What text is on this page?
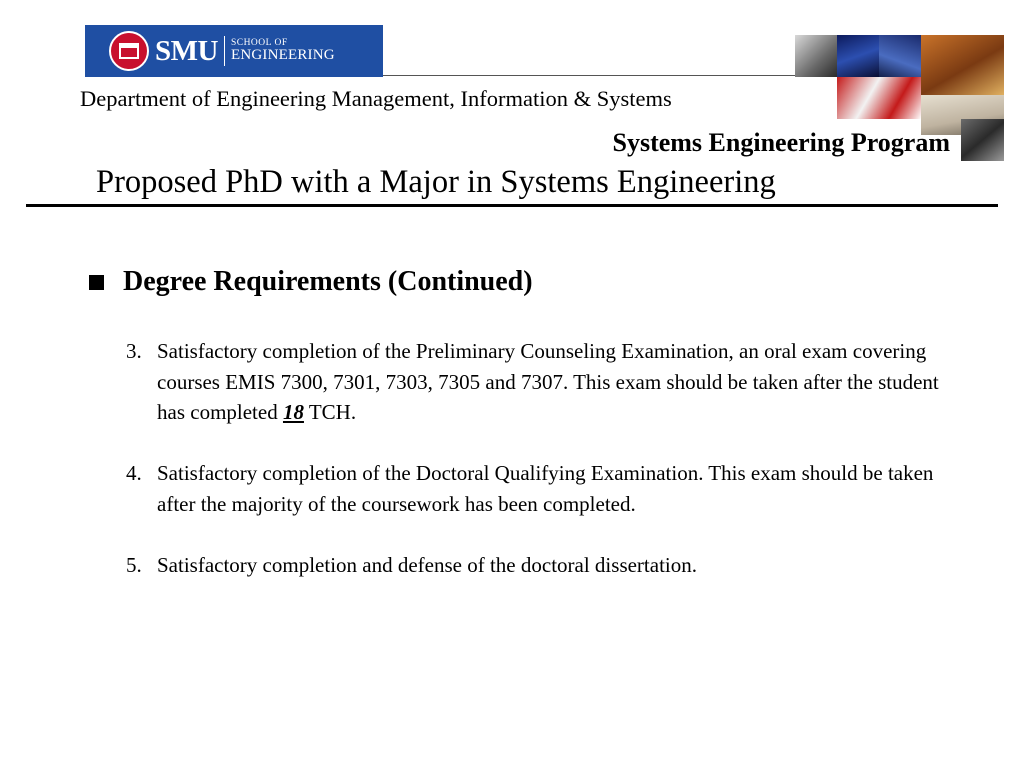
SMU SCHOOL OF
ENGINEERING
Department of Engineering Management, Information & Systems
Systems Engineering Program
Proposed PhD with a Major in Systems Engineering
Degree Requirements (Continued)
3. Satisfactory completion of the Preliminary Counseling Examination, an oral exam covering courses EMIS 7300, 7301, 7303, 7305 and 7307. This exam should be taken after the student has completed 18 TCH.
4. Satisfactory completion of the Doctoral Qualifying Examination. This exam should be taken after the majority of the coursework has been completed.
5. Satisfactory completion and defense of the doctoral dissertation.
